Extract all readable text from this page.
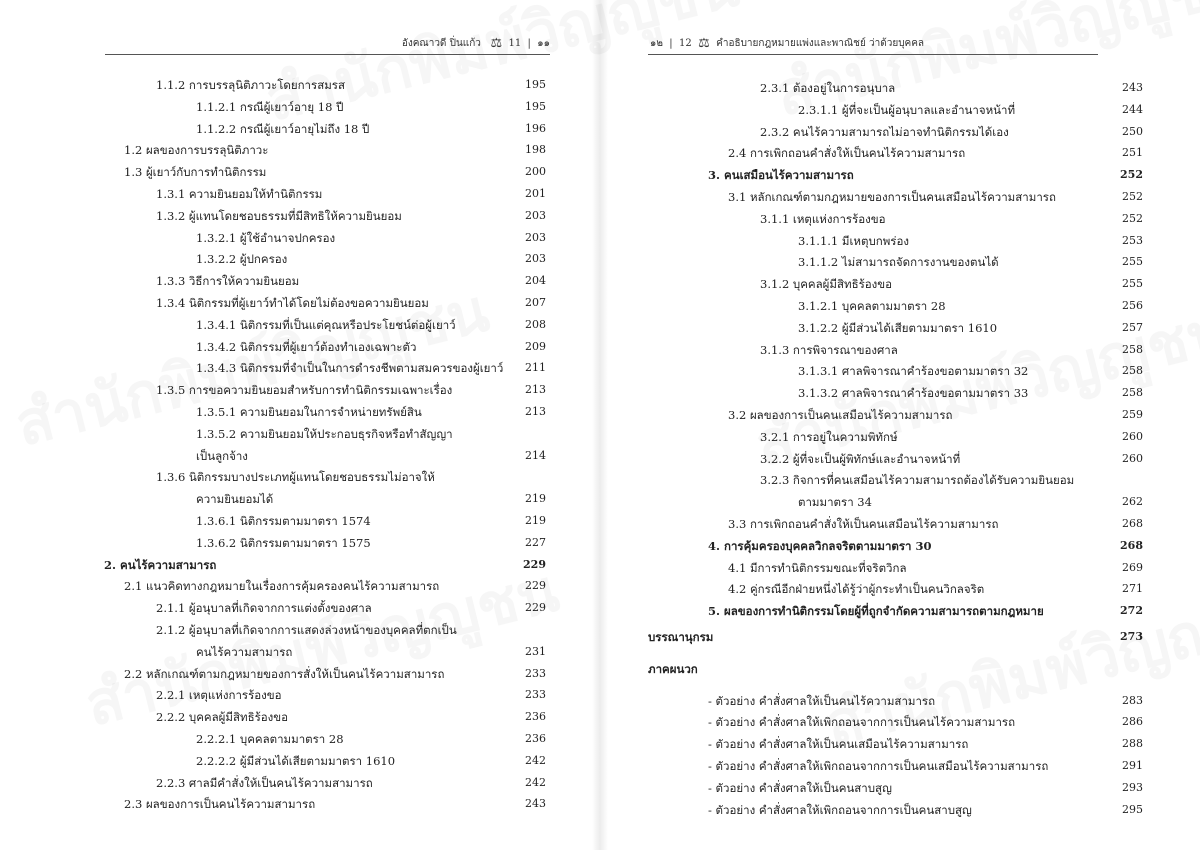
อังคณาวดี ปิ่นแก้ว ⚖ 11  |  ๑๑
1.1.2 การบรรลุนิติภาวะโดยการสมรส	195
1.1.2.1 กรณีผู้เยาว์อายุ 18 ปี	195
1.1.2.2 กรณีผู้เยาว์อายุไม่ถึง 18 ปี	196
1.2 ผลของการบรรลุนิติภาวะ	198
1.3 ผู้เยาว์กับการทำนิติกรรม	200
1.3.1 ความยินยอมให้ทำนิติกรรม	201
1.3.2 ผู้แทนโดยชอบธรรมที่มีสิทธิให้ความยินยอม	203
1.3.2.1 ผู้ใช้อำนาจปกครอง	203
1.3.2.2 ผู้ปกครอง	203
1.3.3 วิธีการให้ความยินยอม	204
1.3.4 นิติกรรมที่ผู้เยาว์ทำได้โดยไม่ต้องขอความยินยอม	207
1.3.4.1 นิติกรรมที่เป็นแต่คุณหรือประโยชน์ต่อผู้เยาว์	208
1.3.4.2 นิติกรรมที่ผู้เยาว์ต้องทำเองเฉพาะตัว	209
1.3.4.3 นิติกรรมที่จำเป็นในการดำรงชีพตามสมควรของผู้เยาว์	211
1.3.5 การขอความยินยอมสำหรับการทำนิติกรรมเฉพาะเรื่อง	213
1.3.5.1 ความยินยอมในการจำหน่ายทรัพย์สิน	213
1.3.5.2 ความยินยอมให้ประกอบธุรกิจหรือทำสัญญา
เป็นลูกจ้าง	214
1.3.6 นิติกรรมบางประเภทผู้แทนโดยชอบธรรมไม่อาจให้
ความยินยอมได้	219
1.3.6.1 นิติกรรมตามมาตรา 1574	219
1.3.6.2 นิติกรรมตามมาตรา 1575	227
2. คนไร้ความสามารถ	229
2.1 แนวคิดทางกฎหมายในเรื่องการคุ้มครองคนไร้ความสามารถ	229
2.1.1 ผู้อนุบาลที่เกิดจากการแต่งตั้งของศาล	229
2.1.2 ผู้อนุบาลที่เกิดจากการแสดงล่วงหน้าของบุคคลที่ตกเป็น
คนไร้ความสามารถ	231
2.2 หลักเกณฑ์ตามกฎหมายของการสั่งให้เป็นคนไร้ความสามารถ	233
2.2.1 เหตุแห่งการร้องขอ	233
2.2.2 บุคคลผู้มีสิทธิร้องขอ	236
2.2.2.1 บุคคลตามมาตรา 28	236
2.2.2.2 ผู้มีส่วนได้เสียตามมาตรา 1610	242
2.2.3 ศาลมีคำสั่งให้เป็นคนไร้ความสามารถ	242
2.3 ผลของการเป็นคนไร้ความสามารถ	243
๑๒  |  12 ⚖ คำอธิบายกฎหมายแพ่งและพาณิชย์ ว่าด้วยบุคคล
2.3.1 ต้องอยู่ในการอนุบาล	243
2.3.1.1 ผู้ที่จะเป็นผู้อนุบาลและอำนาจหน้าที่	244
2.3.2 คนไร้ความสามารถไม่อาจทำนิติกรรมได้เอง	250
2.4 การเพิกถอนคำสั่งให้เป็นคนไร้ความสามารถ	251
3. คนเสมือนไร้ความสามารถ	252
3.1 หลักเกณฑ์ตามกฎหมายของการเป็นคนเสมือนไร้ความสามารถ	252
3.1.1 เหตุแห่งการร้องขอ	252
3.1.1.1 มีเหตุบกพร่อง	253
3.1.1.2 ไม่สามารถจัดการงานของตนได้	255
3.1.2 บุคคลผู้มีสิทธิร้องขอ	255
3.1.2.1 บุคคลตามมาตรา 28	256
3.1.2.2 ผู้มีส่วนได้เสียตามมาตรา 1610	257
3.1.3 การพิจารณาของศาล	258
3.1.3.1 ศาลพิจารณาคำร้องขอตามมาตรา 32	258
3.1.3.2 ศาลพิจารณาคำร้องขอตามมาตรา 33	258
3.2 ผลของการเป็นคนเสมือนไร้ความสามารถ	259
3.2.1 การอยู่ในความพิทักษ์	260
3.2.2 ผู้ที่จะเป็นผู้พิทักษ์และอำนาจหน้าที่	260
3.2.3 กิจการที่คนเสมือนไร้ความสามารถต้องได้รับความยินยอม
ตามมาตรา 34	262
3.3 การเพิกถอนคำสั่งให้เป็นคนเสมือนไร้ความสามารถ	268
4. การคุ้มครองบุคคลวิกลจริตตามมาตรา 30	268
4.1 มีการทำนิติกรรมขณะที่จริตวิกล	269
4.2 คู่กรณีอีกฝ่ายหนึ่งได้รู้ว่าผู้กระทำเป็นคนวิกลจริต	271
5. ผลของการทำนิติกรรมโดยผู้ที่ถูกจำกัดความสามารถตามกฎหมาย	272
บรรณานุกรม	273
ภาคผนวก
- ตัวอย่าง คำสั่งศาลให้เป็นคนไร้ความสามารถ	283
- ตัวอย่าง คำสั่งศาลให้เพิกถอนจากการเป็นคนไร้ความสามารถ	286
- ตัวอย่าง คำสั่งศาลให้เป็นคนเสมือนไร้ความสามารถ	288
- ตัวอย่าง คำสั่งศาลให้เพิกถอนจากการเป็นคนเสมือนไร้ความสามารถ	291
- ตัวอย่าง คำสั่งศาลให้เป็นคนสาบสูญ	293
- ตัวอย่าง คำสั่งศาลให้เพิกถอนจากการเป็นคนสาบสูญ	295
